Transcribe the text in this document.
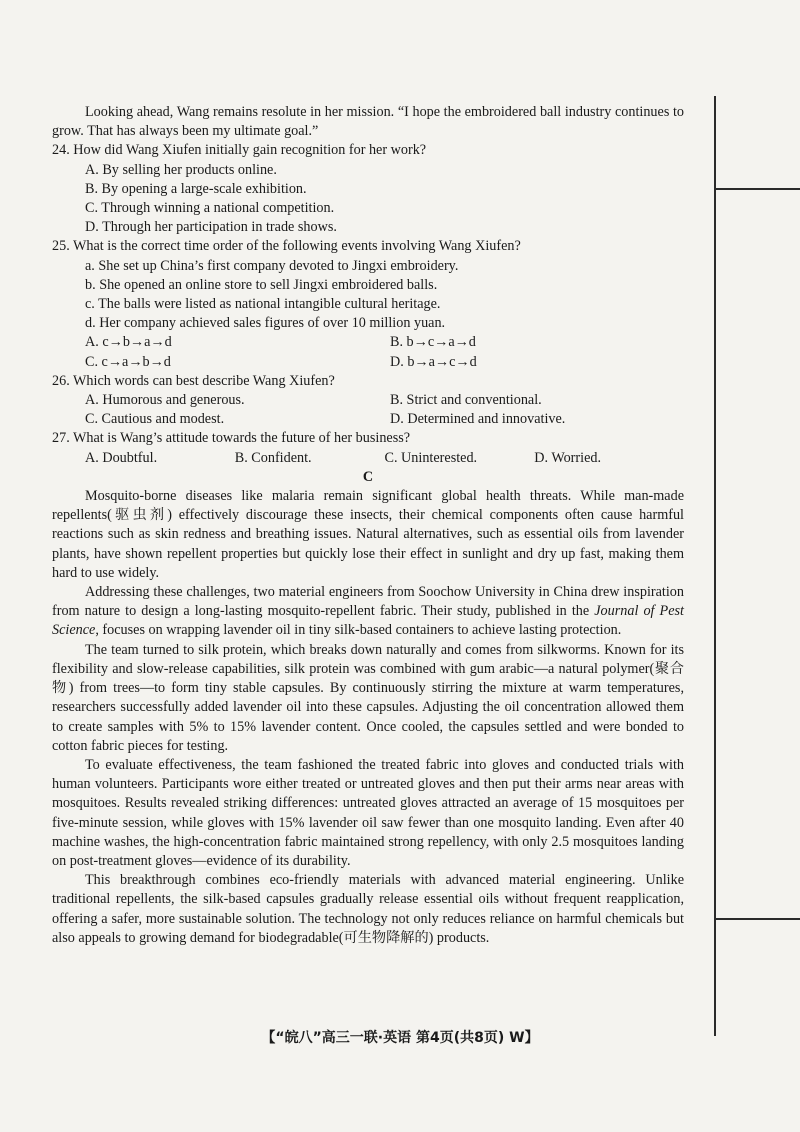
Looking ahead, Wang remains resolute in her mission. “I hope the embroidered ball industry continues to grow. That has always been my ultimate goal.”

24. How did Wang Xiufen initially gain recognition for her work?

A. By selling her products online.

B. By opening a large-scale exhibition.

C. Through winning a national competition.

D. Through her participation in trade shows.

25. What is the correct time order of the following events involving Wang Xiufen?

a. She set up China’s first company devoted to Jingxi embroidery.

b. She opened an online store to sell Jingxi embroidered balls.

c. The balls were listed as national intangible cultural heritage.

d. Her company achieved sales figures of over 10 million yuan.

A. c→b→a→d	B. b→c→a→d
C. c→a→b→d	D. b→a→c→d

26. Which words can best describe Wang Xiufen?

A. Humorous and generous.	B. Strict and conventional.
C. Cautious and modest.	D. Determined and innovative.

27. What is Wang’s attitude towards the future of her business?

A. Doubtful.	B. Confident.	C. Uninterested.	D. Worried.

C

Mosquito-borne diseases like malaria remain significant global health threats. While man-made repellents(驱虫剂) effectively discourage these insects, their chemical components often cause harmful reactions such as skin redness and breathing issues. Natural alternatives, such as essential oils from lavender plants, have shown repellent properties but quickly lose their effect in sunlight and dry up fast, making them hard to use widely.

Addressing these challenges, two material engineers from Soochow University in China drew inspiration from nature to design a long-lasting mosquito-repellent fabric. Their study, published in the Journal of Pest Science, focuses on wrapping lavender oil in tiny silk-based containers to achieve lasting protection.

The team turned to silk protein, which breaks down naturally and comes from silkworms. Known for its flexibility and slow-release capabilities, silk protein was combined with gum arabic—a natural polymer(聚合物) from trees—to form tiny stable capsules. By continuously stirring the mixture at warm temperatures, researchers successfully added lavender oil into these capsules. Adjusting the oil concentration allowed them to create samples with 5% to 15% lavender content. Once cooled, the capsules settled and were bonded to cotton fabric pieces for testing.

To evaluate effectiveness, the team fashioned the treated fabric into gloves and conducted trials with human volunteers. Participants wore either treated or untreated gloves and then put their arms near areas with mosquitoes. Results revealed striking differences: untreated gloves attracted an average of 15 mosquitoes per five-minute session, while gloves with 15% lavender oil saw fewer than one mosquito landing. Even after 40 machine washes, the high-concentration fabric maintained strong repellency, with only 2.5 mosquitoes landing on post-treatment gloves—evidence of its durability.

This breakthrough combines eco-friendly materials with advanced material engineering. Unlike traditional repellents, the silk-based capsules gradually release essential oils without frequent reapplication, offering a safer, more sustainable solution. The technology not only reduces reliance on harmful chemicals but also appeals to growing demand for biodegradable(可生物降解的) products.

【“皖八”高三一联·英语 第4页(共8页) W】
